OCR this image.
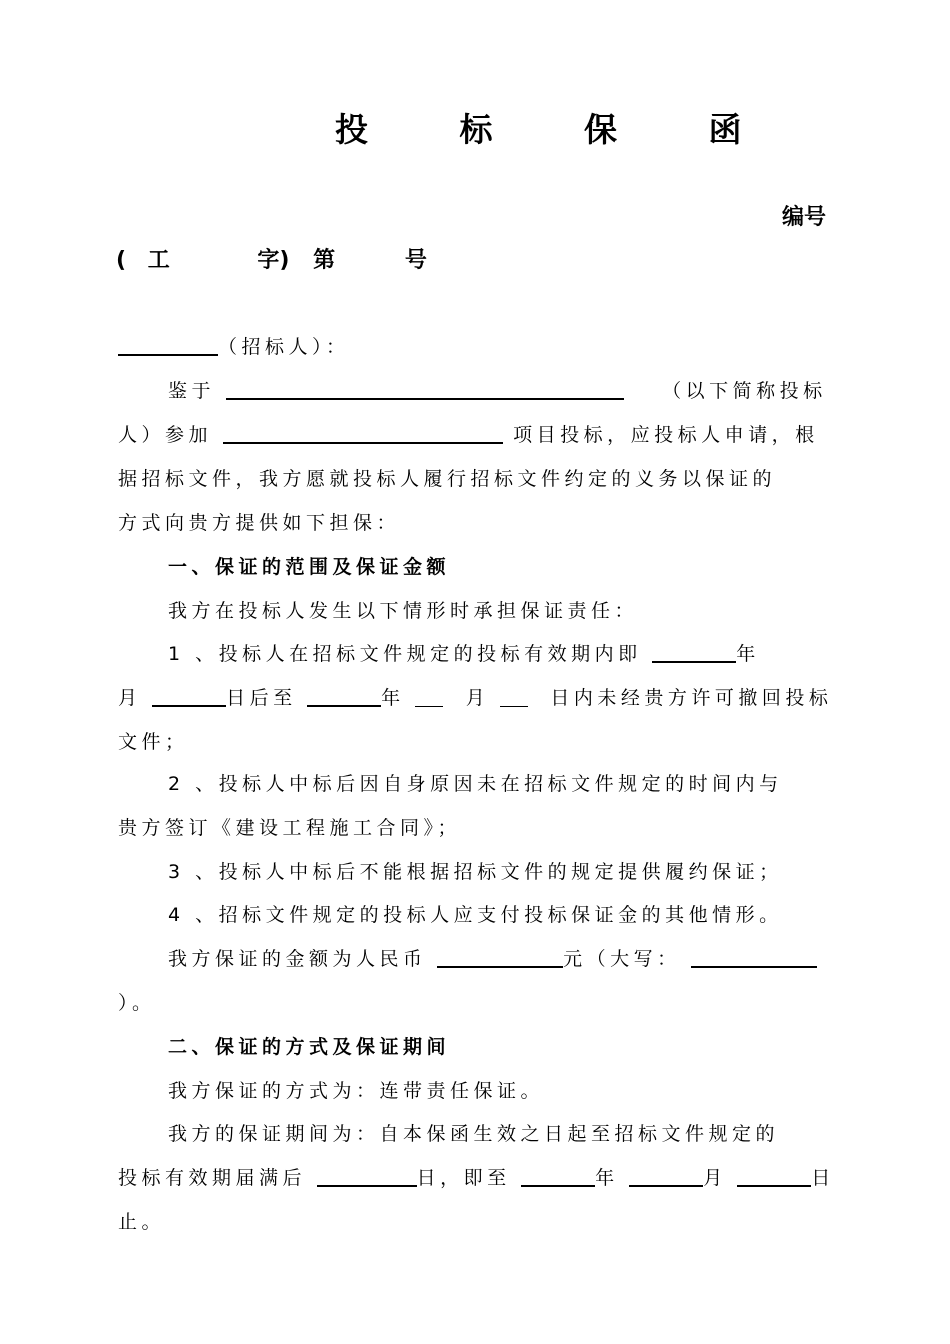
投 标 保 函
编号
( 工	字) 第	号
（招标人）：
鉴于	（以下简称投标
人）参加	项目投标，应投标人申请，根
据招标文件，我方愿就投标人履行招标文件约定的义务以保证的
方式向贵方提供如下担保：
一、保证的范围及保证金额
我方在投标人发生以下情形时承担保证责任：
1 、投标人在招标文件规定的投标有效期内即	年
月	日后至	年	月	日内未经贵方许可撤回投标
文件；
2 、投标人中标后因自身原因未在招标文件规定的时间内与
贵方签订《建设工程施工合同》；
3 、投标人中标后不能根据招标文件的规定提供履约保证；
4 、招标文件规定的投标人应支付投标保证金的其他情形。
我方保证的金额为人民币	元（大写：
）。
二、保证的方式及保证期间
我方保证的方式为：连带责任保证。
我方的保证期间为：自本保函生效之日起至招标文件规定的
投标有效期届满后	日，即至	年	月	日
止。
